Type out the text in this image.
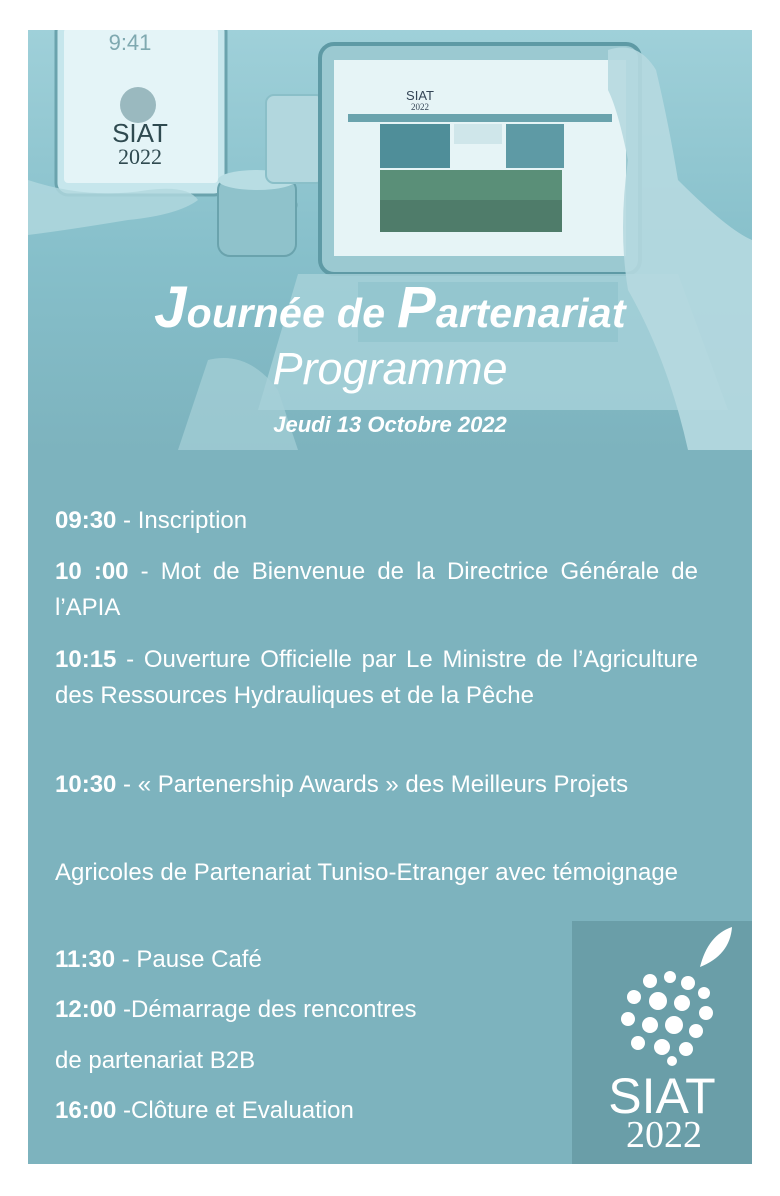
9:41
SIAT
2022
SIAT
2022
Journée de Partenariat
Programme
Jeudi 13 Octobre 2022
09:30 - Inscription
10 :00 - Mot de Bienvenue de la Directrice Générale de l’APIA
10:15 - Ouverture Officielle par Le Ministre de l’Agriculture des Ressources Hydrauliques et de la Pêche
10:30 - « Partenership Awards » des Meilleurs Projets
Agricoles de Partenariat Tuniso-Etranger avec témoignage
11:30 - Pause Café
12:00 -Démarrage des rencontres
de partenariat B2B
16:00 -Clôture et Evaluation	SIAT
2022
